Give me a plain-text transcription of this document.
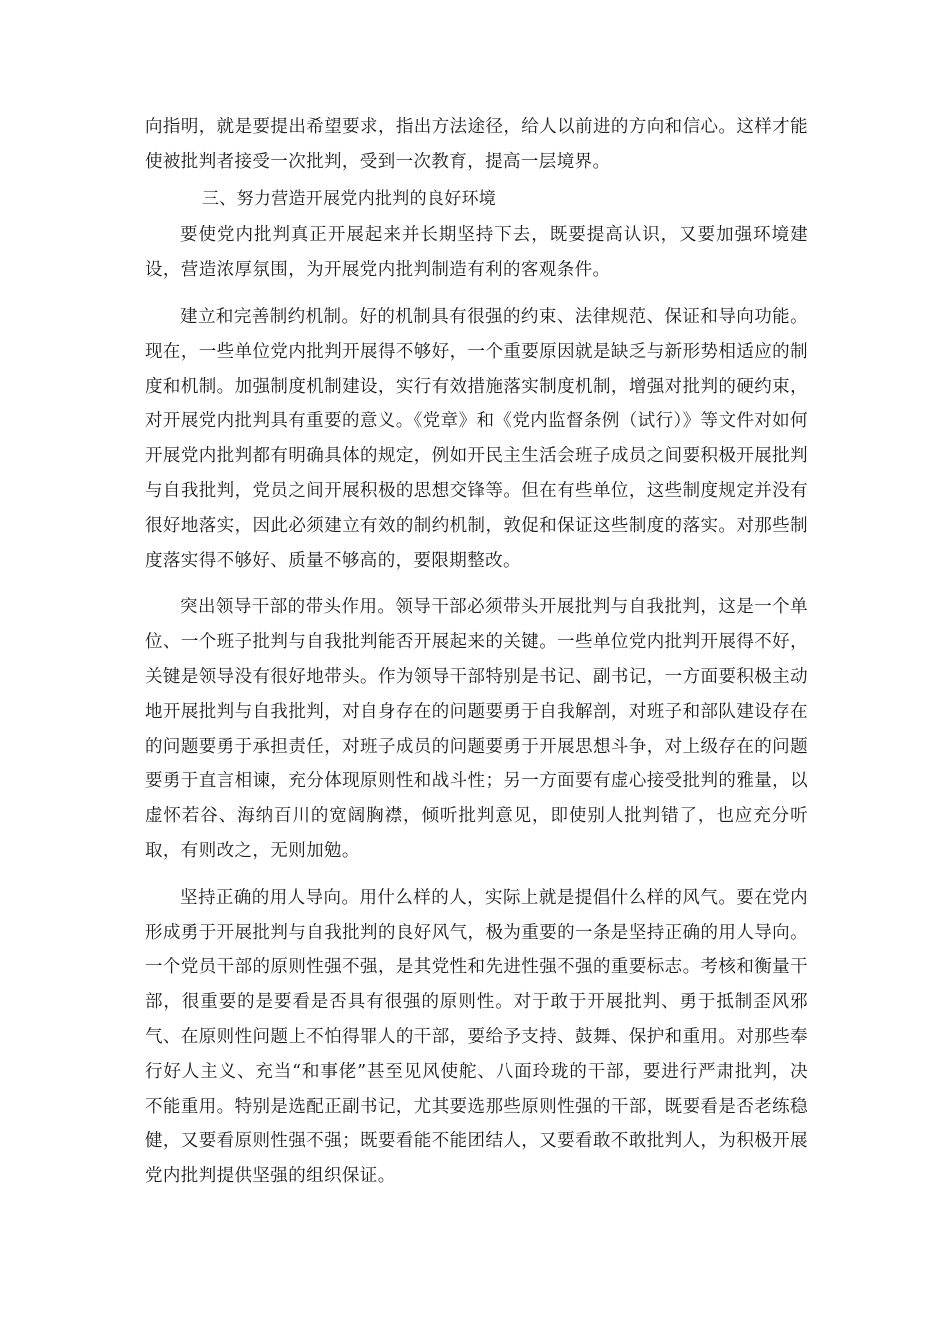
向指明，就是要提出希望要求，指出方法途径，给人以前进的方向和信心。这样才能使被批判者接受一次批判，受到一次教育，提高一层境界。

三、努力营造开展党内批判的良好环境

要使党内批判真正开展起来并长期坚持下去，既要提高认识，又要加强环境建设，营造浓厚氛围，为开展党内批判制造有利的客观条件。

建立和完善制约机制。好的机制具有很强的约束、法律规范、保证和导向功能。现在，一些单位党内批判开展得不够好，一个重要原因就是缺乏与新形势相适应的制度和机制。加强制度机制建设，实行有效措施落实制度机制，增强对批判的硬约束，对开展党内批判具有重要的意义。《党章》和《党内监督条例（试行）》等文件对如何开展党内批判都有明确具体的规定，例如开民主生活会班子成员之间要积极开展批判与自我批判，党员之间开展积极的思想交锋等。但在有些单位，这些制度规定并没有很好地落实，因此必须建立有效的制约机制，敦促和保证这些制度的落实。对那些制度落实得不够好、质量不够高的，要限期整改。

突出领导干部的带头作用。领导干部必须带头开展批判与自我批判，这是一个单位、一个班子批判与自我批判能否开展起来的关键。一些单位党内批判开展得不好，关键是领导没有很好地带头。作为领导干部特别是书记、副书记，一方面要积极主动地开展批判与自我批判，对自身存在的问题要勇于自我解剖，对班子和部队建设存在的问题要勇于承担责任，对班子成员的问题要勇于开展思想斗争，对上级存在的问题要勇于直言相谏，充分体现原则性和战斗性；另一方面要有虚心接受批判的雅量，以虚怀若谷、海纳百川的宽阔胸襟，倾听批判意见，即使别人批判错了，也应充分听取，有则改之，无则加勉。

坚持正确的用人导向。用什么样的人，实际上就是提倡什么样的风气。要在党内形成勇于开展批判与自我批判的良好风气，极为重要的一条是坚持正确的用人导向。一个党员干部的原则性强不强，是其党性和先进性强不强的重要标志。考核和衡量干部，很重要的是要看是否具有很强的原则性。对于敢于开展批判、勇于抵制歪风邪气、在原则性问题上不怕得罪人的干部，要给予支持、鼓舞、保护和重用。对那些奉行好人主义、充当“和事佬”甚至见风使舵、八面玲珑的干部，要进行严肃批判，决不能重用。特别是选配正副书记，尤其要选那些原则性强的干部，既要看是否老练稳健，又要看原则性强不强；既要看能不能团结人，又要看敢不敢批判人，为积极开展党内批判提供坚强的组织保证。
